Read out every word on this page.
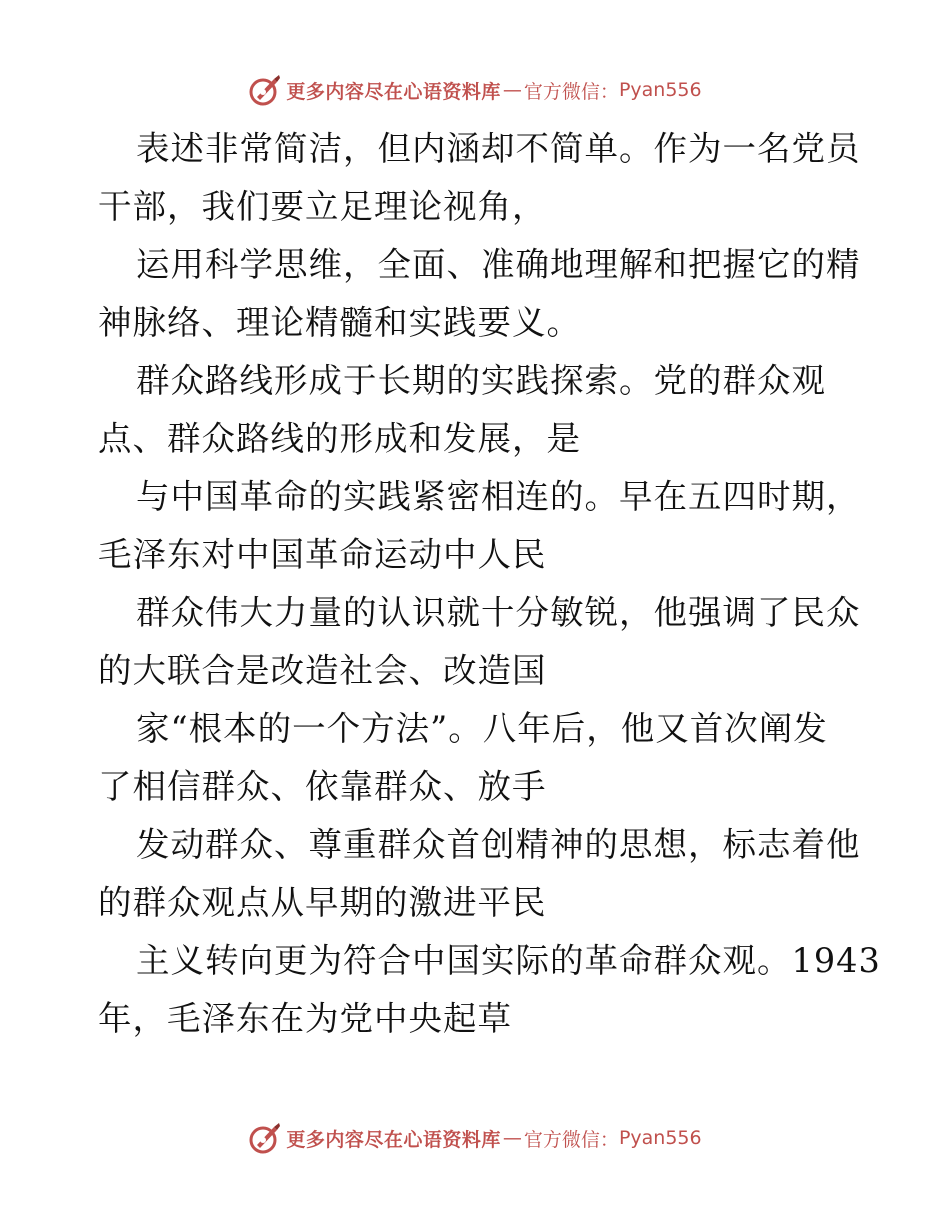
更多内容尽在心语资料库 — 官方微信： Pyan556
表述非常简洁，但内涵却不简单。作为一名党员
干部，我们要立足理论视角，
运用科学思维，全面、准确地理解和把握它的精
神脉络、理论精髓和实践要义。
群众路线形成于长期的实践探索。党的群众观
点、群众路线的形成和发展，是
与中国革命的实践紧密相连的。早在五四时期，
毛泽东对中国革命运动中人民
群众伟大力量的认识就十分敏锐，他强调了民众
的大联合是改造社会、改造国
家“根本的一个方法”。八年后，他又首次阐发
了相信群众、依靠群众、放手
发动群众、尊重群众首创精神的思想，标志着他
的群众观点从早期的激进平民
主义转向更为符合中国实际的革命群众观。1943
年，毛泽东在为党中央起草
更多内容尽在心语资料库 — 官方微信： Pyan556
